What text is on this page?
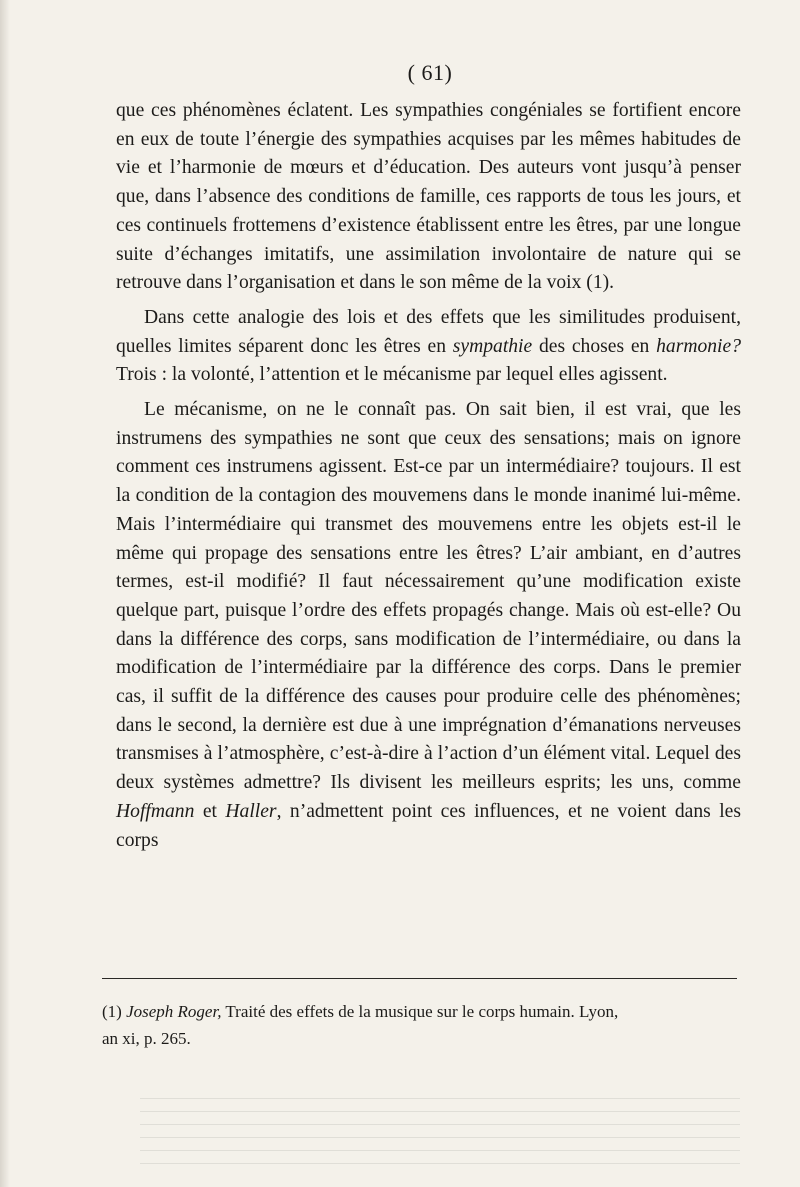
( 61)

que ces phénomènes éclatent. Les sympathies congéniales se fortifient encore en eux de toute l’énergie des sympathies acquises par les mêmes habitudes de vie et l’harmonie de mœurs et d’éducation. Des auteurs vont jusqu’à penser que, dans l’absence des conditions de famille, ces rapports de tous les jours, et ces continuels frottemens d’existence établissent entre les êtres, par une longue suite d’échanges imitatifs, une assimilation involontaire de nature qui se retrouve dans l’organisation et dans le son même de la voix (1).

Dans cette analogie des lois et des effets que les similitudes produisent, quelles limites séparent donc les êtres en sympathie des choses en harmonie? Trois : la volonté, l’attention et le mécanisme par lequel elles agissent.

Le mécanisme, on ne le connaît pas. On sait bien, il est vrai, que les instrumens des sympathies ne sont que ceux des sensations; mais on ignore comment ces instrumens agissent. Est-ce par un intermédiaire? toujours. Il est la condition de la contagion des mouvemens dans le monde inanimé lui-même. Mais l’intermédiaire qui transmet des mouvemens entre les objets est-il le même qui propage des sensations entre les êtres? L’air ambiant, en d’autres termes, est-il modifié? Il faut nécessairement qu’une modification existe quelque part, puisque l’ordre des effets propagés change. Mais où est-elle? Ou dans la différence des corps, sans modification de l’intermédiaire, ou dans la modification de l’intermédiaire par la différence des corps. Dans le premier cas, il suffit de la différence des causes pour produire celle des phénomènes; dans le second, la dernière est due à une imprégnation d’émanations nerveuses transmises à l’atmosphère, c’est-à-dire à l’action d’un élément vital. Lequel des deux systèmes admettre? Ils divisent les meilleurs esprits; les uns, comme Hoffmann et Haller, n’admettent point ces influences, et ne voient dans les corps

(1) Joseph Roger, Traité des effets de la musique sur le corps humain. Lyon,
an xi, p. 265.
